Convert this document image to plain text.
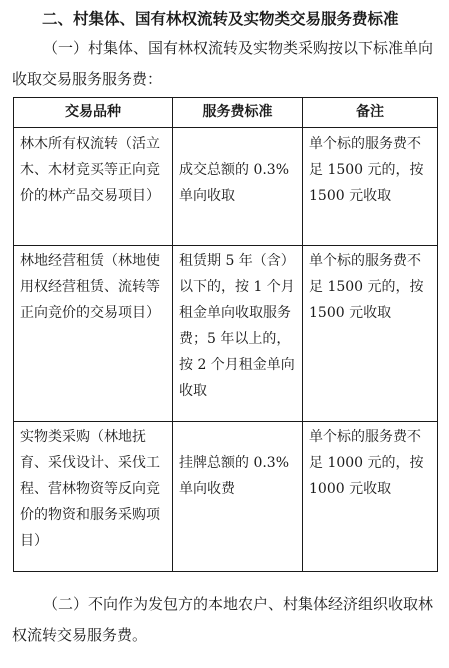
二、村集体、国有林权流转及实物类交易服务费标准
（一）村集体、国有林权流转及实物类采购按以下标准单向收取交易服务服务费：
交易品种	服务费标准	备注
林木所有权流转（活立木、木材竞买等正向竞价的林产品交易项目）	成交总额的 0.3%单向收取	单个标的服务费不足 1500 元的，按 1500 元收取
林地经营租赁（林地使用权经营租赁、流转等正向竞价的交易项目）	租赁期 5 年（含）以下的，按 1 个月租金单向收取服务费；5 年以上的，按 2 个月租金单向收取	单个标的服务费不足 1500 元的，按 1500 元收取
实物类采购（林地抚育、采伐设计、采伐工程、营林物资等反向竞价的物资和服务采购项目）	挂牌总额的 0.3%单向收费	单个标的服务费不足 1000 元的，按 1000 元收取
（二）不向作为发包方的本地农户、村集体经济组织收取林权流转交易服务费。
